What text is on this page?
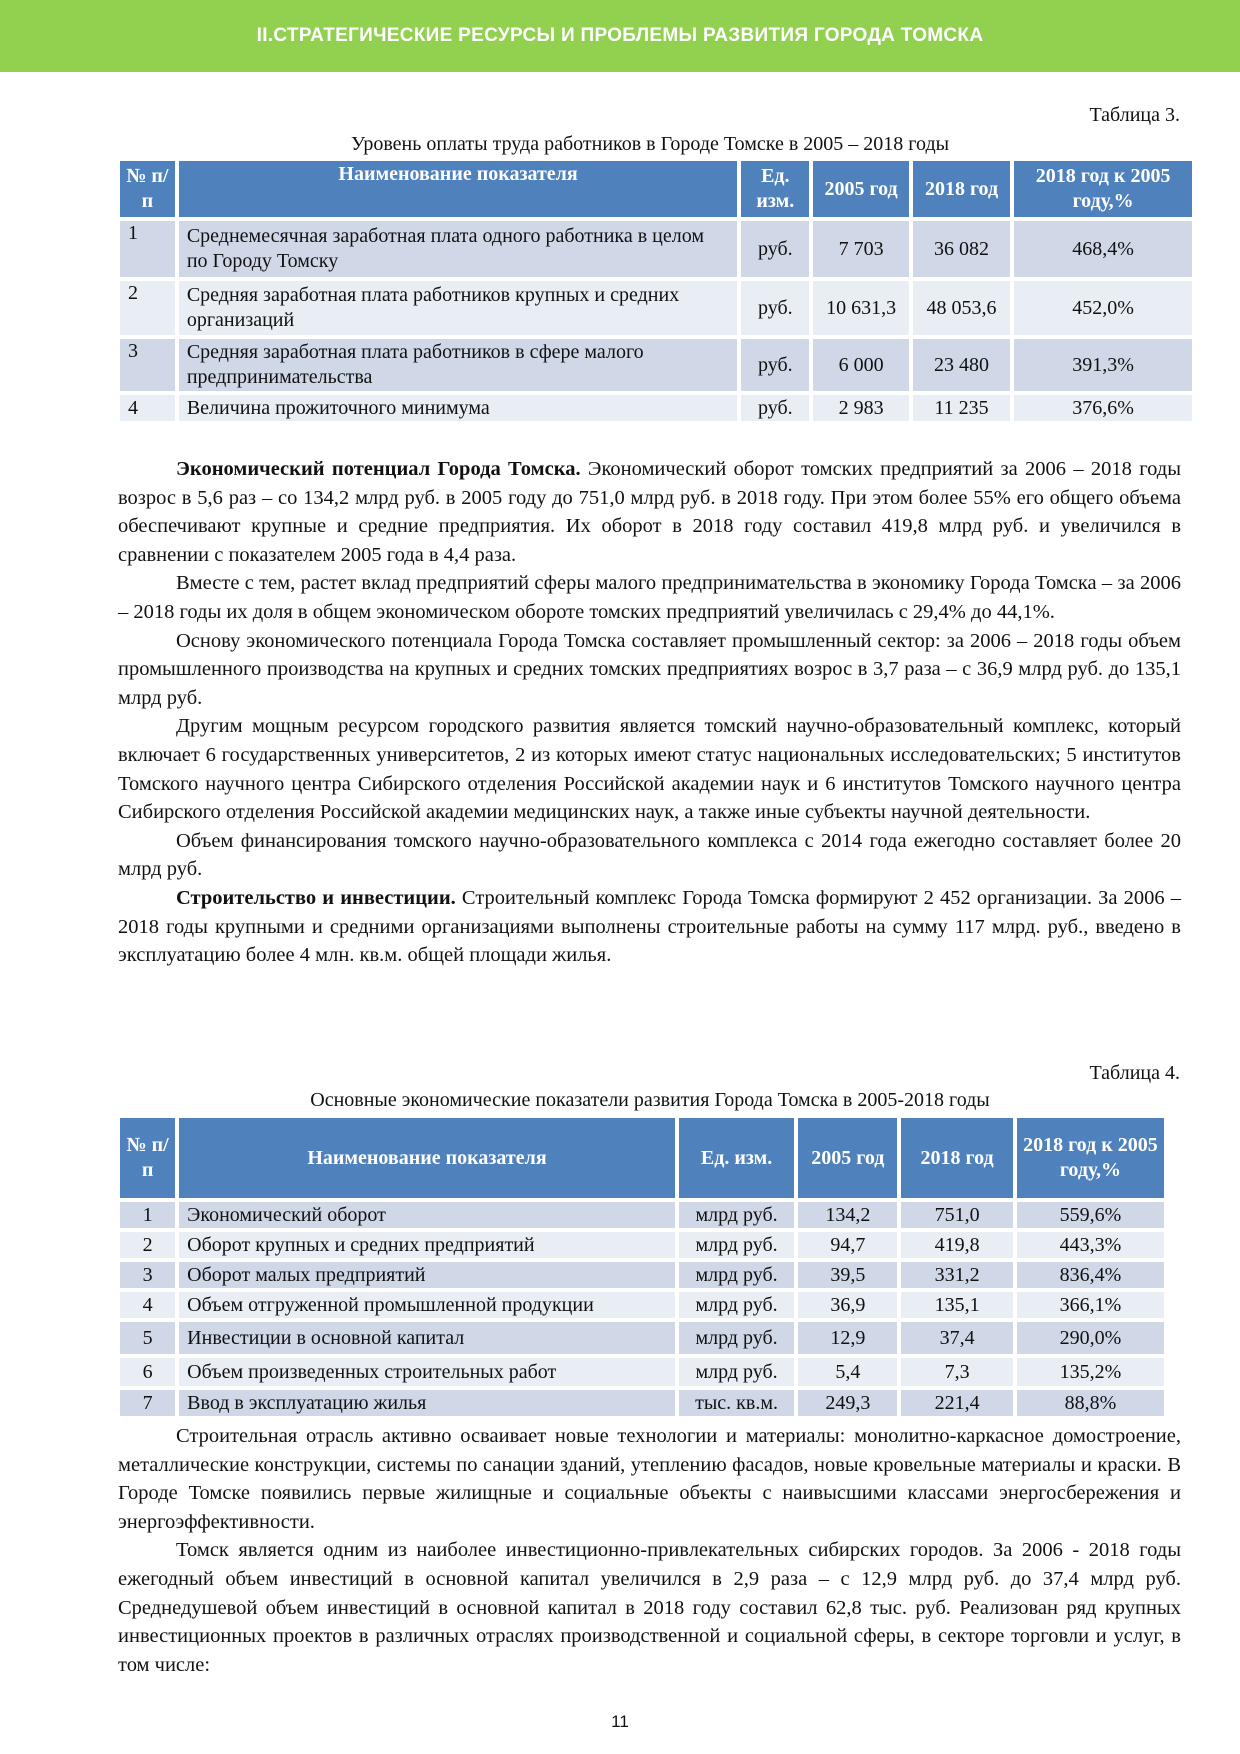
II.СТРАТЕГИЧЕСКИЕ РЕСУРСЫ И ПРОБЛЕМЫ РАЗВИТИЯ ГОРОДА ТОМСКА
Таблица 3.
Уровень оплаты труда работников в Городе Томске в 2005 – 2018 годы
№ п/п	Наименование показателя	Ед. изм.	2005 год	2018 год	2018 год к 2005 году,%
1	Среднемесячная заработная плата одного работника в целом по Городу Томску	руб.	7 703	36 082	468,4%
2	Средняя заработная плата работников крупных и средних организаций	руб.	10 631,3	48 053,6	452,0%
3	Средняя заработная плата работников в сфере малого предпринимательства	руб.	6 000	23 480	391,3%
4	Величина прожиточного минимума	руб.	2 983	11 235	376,6%
Экономический потенциал Города Томска. Экономический оборот томских предприятий за 2006 – 2018 годы возрос в 5,6 раз – со 134,2 млрд руб. в 2005 году до 751,0 млрд руб. в 2018 году. При этом более 55% его общего объема обеспечивают крупные и средние предприятия. Их оборот в 2018 году составил 419,8 млрд руб. и увеличился в сравнении с показателем 2005 года в 4,4 раза.
Вместе с тем, растет вклад предприятий сферы малого предпринимательства в экономику Города Томска – за 2006 – 2018 годы их доля в общем экономическом обороте томских предприятий увеличилась с 29,4% до 44,1%.
Основу экономического потенциала Города Томска составляет промышленный сектор: за 2006 – 2018 годы объем промышленного производства на крупных и средних томских предприятиях возрос в 3,7 раза – с 36,9 млрд руб. до 135,1 млрд руб.
Другим мощным ресурсом городского развития является томский научно-образовательный комплекс, который включает 6 государственных университетов, 2 из которых имеют статус национальных исследовательских; 5 институтов Томского научного центра Сибирского отделения Российской академии наук и 6 институтов Томского научного центра Сибирского отделения Российской академии медицинских наук, а также иные субъекты научной деятельности.
Объем финансирования томского научно-образовательного комплекса с 2014 года ежегодно составляет более 20 млрд руб.
Строительство и инвестиции. Строительный комплекс Города Томска формируют 2 452 организации. За 2006 – 2018 годы крупными и средними организациями выполнены строительные работы на сумму 117 млрд. руб., введено в эксплуатацию более 4 млн. кв.м. общей площади жилья.
Таблица 4.
Основные экономические показатели развития Города Томска в 2005-2018 годы
№ п/п	Наименование показателя	Ед. изм.	2005 год	2018 год	2018 год к 2005 году,%
1	Экономический оборот	млрд руб.	134,2	751,0	559,6%
2	Оборот крупных и средних предприятий	млрд руб.	94,7	419,8	443,3%
3	Оборот малых предприятий	млрд руб.	39,5	331,2	836,4%
4	Объем отгруженной промышленной продукции	млрд руб.	36,9	135,1	366,1%
5	Инвестиции в основной капитал	млрд руб.	12,9	37,4	290,0%
6	Объем произведенных строительных работ	млрд руб.	5,4	7,3	135,2%
7	Ввод в эксплуатацию жилья	тыс. кв.м.	249,3	221,4	88,8%
Строительная отрасль активно осваивает новые технологии и материалы: монолитно-каркасное домостроение, металлические конструкции, системы по санации зданий, утеплению фасадов, новые кровельные материалы и краски. В Городе Томске появились первые жилищные и социальные объекты с наивысшими классами энергосбережения и энергоэффективности.
Томск является одним из наиболее инвестиционно-привлекательных сибирских городов. За 2006 - 2018 годы ежегодный объем инвестиций в основной капитал увеличился в 2,9 раза – с 12,9 млрд руб. до 37,4 млрд руб. Среднедушевой объем инвестиций в основной капитал в 2018 году составил 62,8 тыс. руб. Реализован ряд крупных инвестиционных проектов в различных отраслях производственной и социальной сферы, в секторе торговли и услуг, в том числе:
11
